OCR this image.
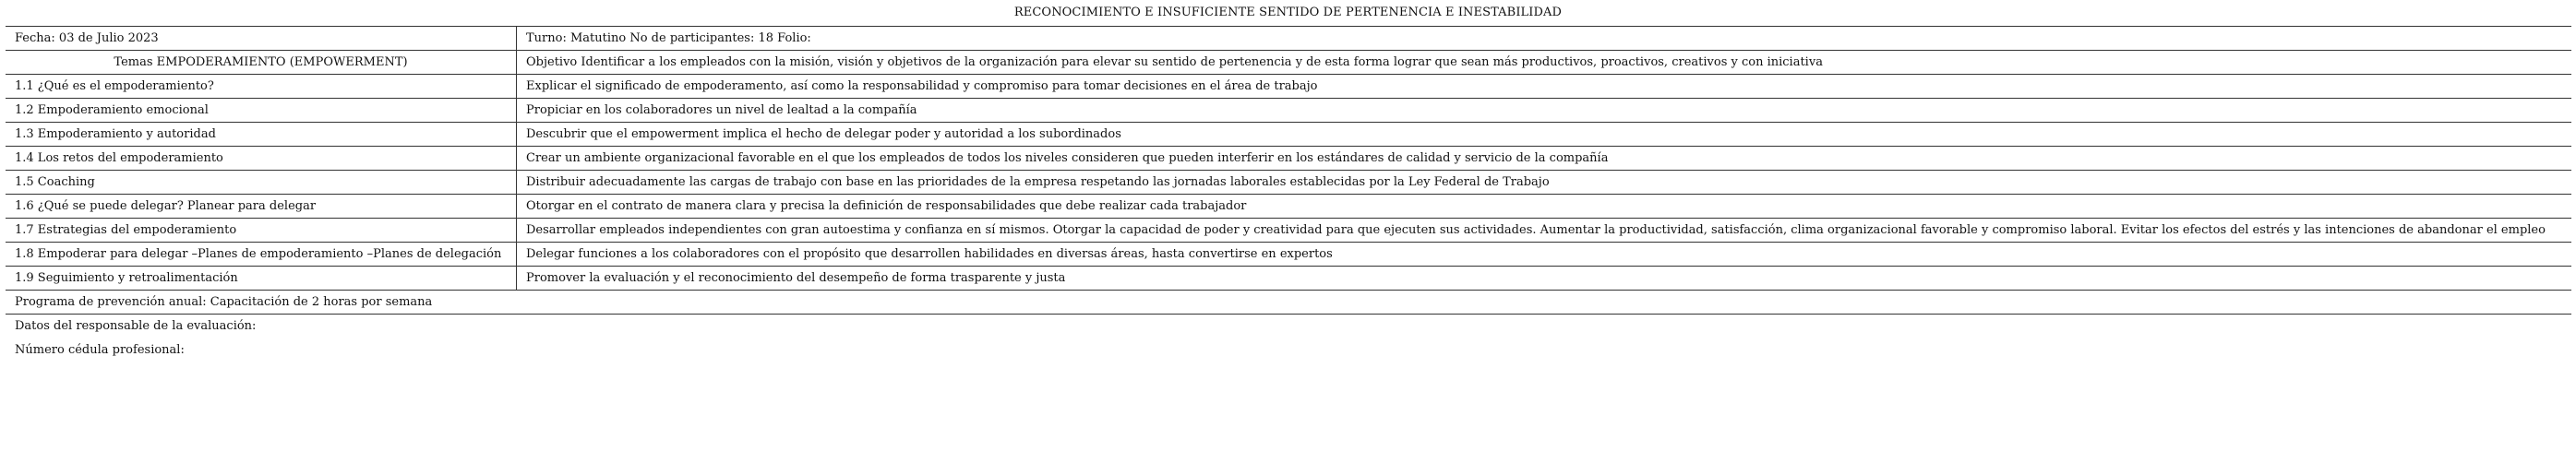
RECONOCIMIENTO E INSUFICIENTE SENTIDO DE PERTENENCIA E INESTABILIDAD
Fecha: 03 de Julio 2023	Turno: Matutino No de participantes: 18 Folio:
Temas EMPODERAMIENTO (EMPOWERMENT)	Objetivo Identificar a los empleados con la misión, visión y objetivos de la organización para elevar su sentido de pertenencia y de esta forma lograr que sean más productivos, proactivos, creativos y con iniciativa
1.1 ¿Qué es el empoderamiento?	Explicar el significado de empoderamento, así como la responsabilidad y compromiso para tomar decisiones en el área de trabajo
1.2 Empoderamiento emocional	Propiciar en los colaboradores un nivel de lealtad a la compañía
1.3 Empoderamiento y autoridad	Descubrir que el empowerment implica el hecho de delegar poder y autoridad a los subordinados
1.4 Los retos del empoderamiento	Crear un ambiente organizacional favorable en el que los empleados de todos los niveles consideren que pueden interferir en los estándares de calidad y servicio de la compañía
1.5 Coaching	Distribuir adecuadamente las cargas de trabajo con base en las prioridades de la empresa respetando las jornadas laborales establecidas por la Ley Federal de Trabajo
1.6 ¿Qué se puede delegar? Planear para delegar	Otorgar en el contrato de manera clara y precisa la definición de responsabilidades que debe realizar cada trabajador
1.7 Estrategias del empoderamiento	Desarrollar empleados independientes con gran autoestima y confianza en sí mismos. Otorgar la capacidad de poder y creatividad para que ejecuten sus actividades. Aumentar la productividad, satisfacción, clima organizacional favorable y compromiso laboral. Evitar los efectos del estrés y las intenciones de abandonar el empleo
1.8 Empoderar para delegar –Planes de empoderamiento –Planes de delegación	Delegar funciones a los colaboradores con el propósito que desarrollen habilidades en diversas áreas, hasta convertirse en expertos
1.9 Seguimiento y retroalimentación	Promover la evaluación y el reconocimiento del desempeño de forma trasparente y justa
Programa de prevención anual: Capacitación de 2 horas por semana	
Datos del responsable de la evaluación:
Número cédula profesional:
